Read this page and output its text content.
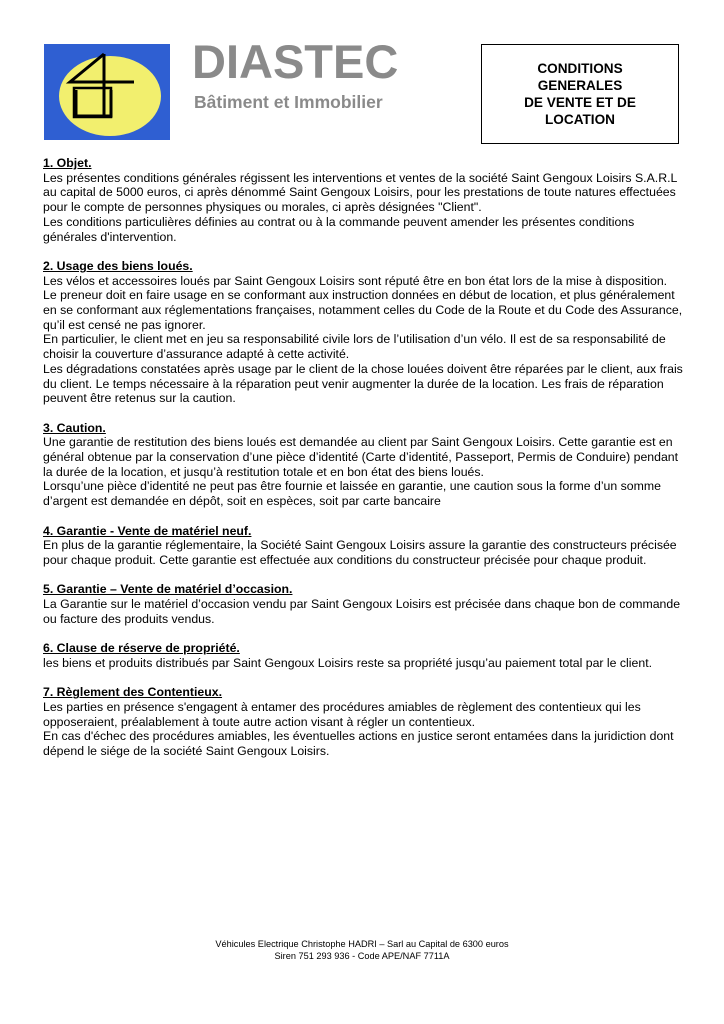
DIASTEC
Bâtiment et Immobilier
CONDITIONS
GENERALES
DE VENTE ET DE
LOCATION
1. Objet.
Les présentes conditions générales régissent les interventions et ventes de la société Saint Gengoux Loisirs S.A.R.L au capital de 5000 euros, ci après dénommé Saint Gengoux Loisirs, pour les prestations de toute natures effectuées pour le compte de personnes physiques ou morales, ci après désignées "Client".
Les conditions particulières définies au contrat ou à la commande peuvent amender les présentes conditions générales d'intervention.
2. Usage des biens loués.
Les vélos et accessoires loués par Saint Gengoux Loisirs sont réputé être en bon état lors de la mise à disposition. Le preneur doit en faire usage en se conformant aux instruction données en début de location, et plus généralement en se conformant aux réglementations françaises, notamment celles du Code de la Route et du Code des Assurance, qu’il est censé ne pas ignorer.
En particulier, le client met en jeu sa responsabilité civile lors de l’utilisation d’un vélo. Il est de sa responsabilité de choisir la couverture d’assurance adapté à cette activité.
Les dégradations constatées après usage par le client de la chose louées doivent être réparées par le client, aux frais du client. Le temps nécessaire à la réparation peut venir augmenter la durée de la location. Les frais de réparation peuvent être retenus sur la caution.
3. Caution.
Une garantie de restitution des biens loués est demandée au client par Saint Gengoux Loisirs. Cette garantie est en général obtenue par la conservation d’une pièce d’identité (Carte d’identité, Passeport, Permis de Conduire) pendant la durée de la location, et jusqu’à restitution totale et en bon état des biens loués.
Lorsqu’une pièce d’identité ne peut pas être fournie et laissée en garantie, une caution sous la forme d’un somme d’argent est demandée en dépôt, soit en espèces, soit par carte bancaire
4. Garantie - Vente de matériel neuf.
En plus de la garantie réglementaire, la Société Saint Gengoux Loisirs assure la garantie des constructeurs précisée pour chaque produit. Cette garantie est effectuée aux conditions du constructeur précisée pour chaque produit.
5. Garantie – Vente de matériel d’occasion.
La Garantie sur le matériel d’occasion vendu par Saint Gengoux Loisirs est précisée dans chaque bon de commande ou facture des produits vendus.
6. Clause de réserve de propriété.
les biens et produits distribués par Saint Gengoux Loisirs reste sa propriété jusqu’au paiement total par le client.
7. Règlement des Contentieux.
Les parties en présence s'engagent à entamer des procédures amiables de règlement des contentieux qui les opposeraient, préalablement à toute autre action visant à régler un contentieux.
En cas d'échec des procédures amiables, les éventuelles actions en justice seront entamées dans la juridiction dont dépend le siége de la société Saint Gengoux Loisirs.
Véhicules Electrique Christophe HADRI – Sarl au Capital de 6300 euros
Siren 751 293 936 - Code APE/NAF 7711A
